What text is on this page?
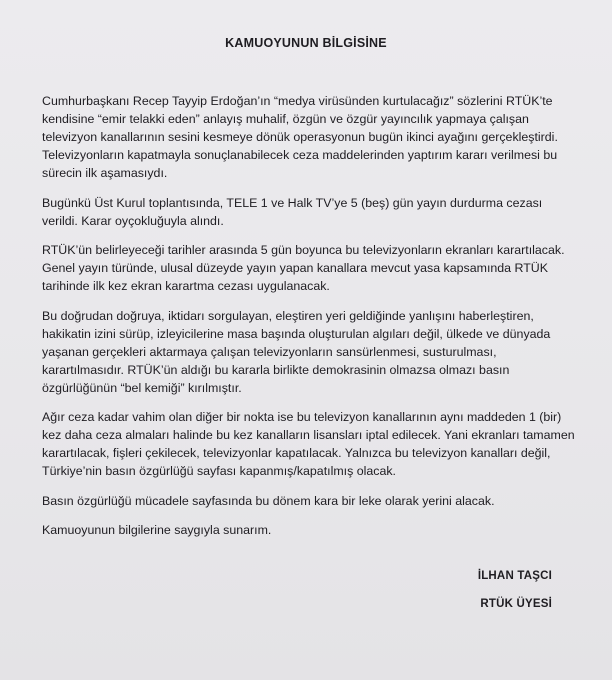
KAMUOYUNUN BİLGİSİNE

Cumhurbaşkanı Recep Tayyip Erdoğan’ın “medya virüsünden kurtulacağız” sözlerini RTÜK’te kendisine “emir telakki eden” anlayış muhalif, özgün ve özgür yayıncılık yapmaya çalışan televizyon kanallarının sesini kesmeye dönük operasyonun bugün ikinci ayağını gerçekleştirdi. Televizyonların kapatmayla sonuçlanabilecek ceza maddelerinden yaptırım kararı verilmesi bu sürecin ilk aşamasıydı.

Bugünkü Üst Kurul toplantısında, TELE 1 ve Halk TV’ye 5 (beş) gün yayın durdurma cezası verildi. Karar oyçokluğuyla alındı.

RTÜK’ün belirleyeceği tarihler arasında 5 gün boyunca bu televizyonların ekranları karartılacak. Genel yayın türünde, ulusal düzeyde yayın yapan kanallara mevcut yasa kapsamında RTÜK tarihinde ilk kez ekran karartma cezası uygulanacak.

Bu doğrudan doğruya, iktidarı sorgulayan, eleştiren yeri geldiğinde yanlışını haberleştiren, hakikatin izini sürüp, izleyicilerine masa başında oluşturulan algıları değil, ülkede ve dünyada yaşanan gerçekleri aktarmaya çalışan televizyonların sansürlenmesi, susturulması, karartılmasıdır. RTÜK’ün aldığı bu kararla birlikte demokrasinin olmazsa olmazı basın özgürlüğünün “bel kemiği” kırılmıştır.

Ağır ceza kadar vahim olan diğer bir nokta ise bu televizyon kanallarının aynı maddeden 1 (bir) kez daha ceza almaları halinde bu kez kanalların lisansları iptal edilecek. Yani ekranları tamamen karartılacak, fişleri çekilecek, televizyonlar kapatılacak. Yalnızca bu televizyon kanalları değil, Türkiye’nin basın özgürlüğü sayfası kapanmış/kapatılmış olacak.

Basın özgürlüğü mücadele sayfasında bu dönem kara bir leke olarak yerini alacak.

Kamuoyunun bilgilerine saygıyla sunarım.

İLHAN TAŞCI
RTÜK ÜYESİ
